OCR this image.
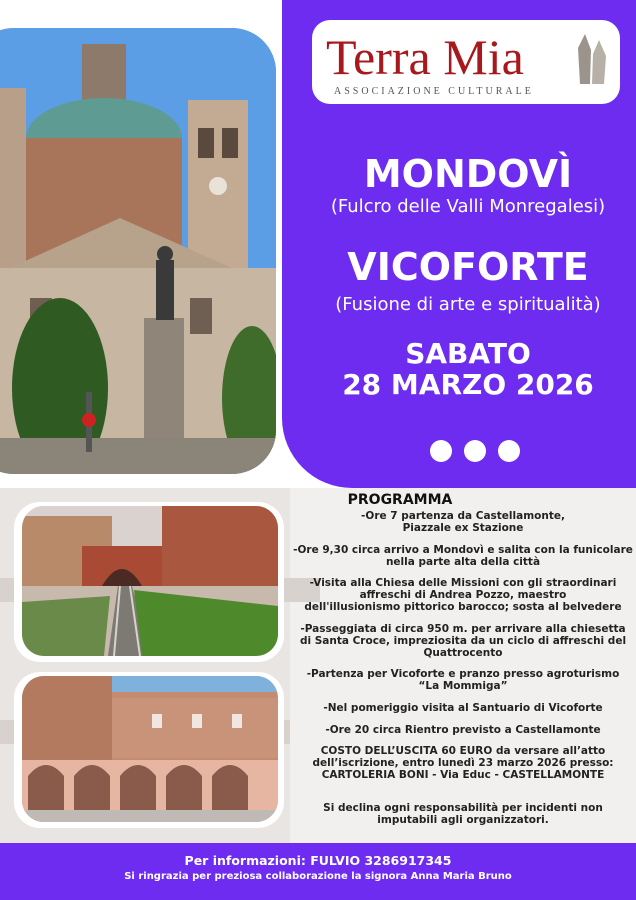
Terra Mia
ASSOCIAZIONE CULTURALE
MONDOVÌ
(Fulcro delle Valli Monregalesi)
VICOFORTE
(Fusione di arte e spiritualità)
SABATO
28 MARZO 2026
PROGRAMMA
-Ore 7 partenza da Castellamonte,
Piazzale ex Stazione
-Ore 9,30 circa arrivo a Mondovì e salita con la funicolare
nella parte alta della città
-Visita alla Chiesa delle Missioni con gli straordinari
affreschi di Andrea Pozzo, maestro
dell'illusionismo pittorico barocco; sosta al belvedere
-Passeggiata di circa 950 m. per arrivare alla chiesetta
di Santa Croce, impreziosita da un ciclo di affreschi del
Quattrocento
-Partenza per Vicoforte e pranzo presso agroturismo
“La Mommiga”
-Nel pomeriggio visita al Santuario di Vicoforte
-Ore 20 circa Rientro previsto a Castellamonte
COSTO DELL’USCITA 60 EURO da versare all’atto
dell’iscrizione, entro lunedì 23 marzo 2026 presso:
CARTOLERIA BONI - Via Educ - CASTELLAMONTE
Si declina ogni responsabilità per incidenti non
imputabili agli organizzatori.
Per informazioni: FULVIO 3286917345
Si ringrazia per preziosa collaborazione la signora Anna Maria Bruno
